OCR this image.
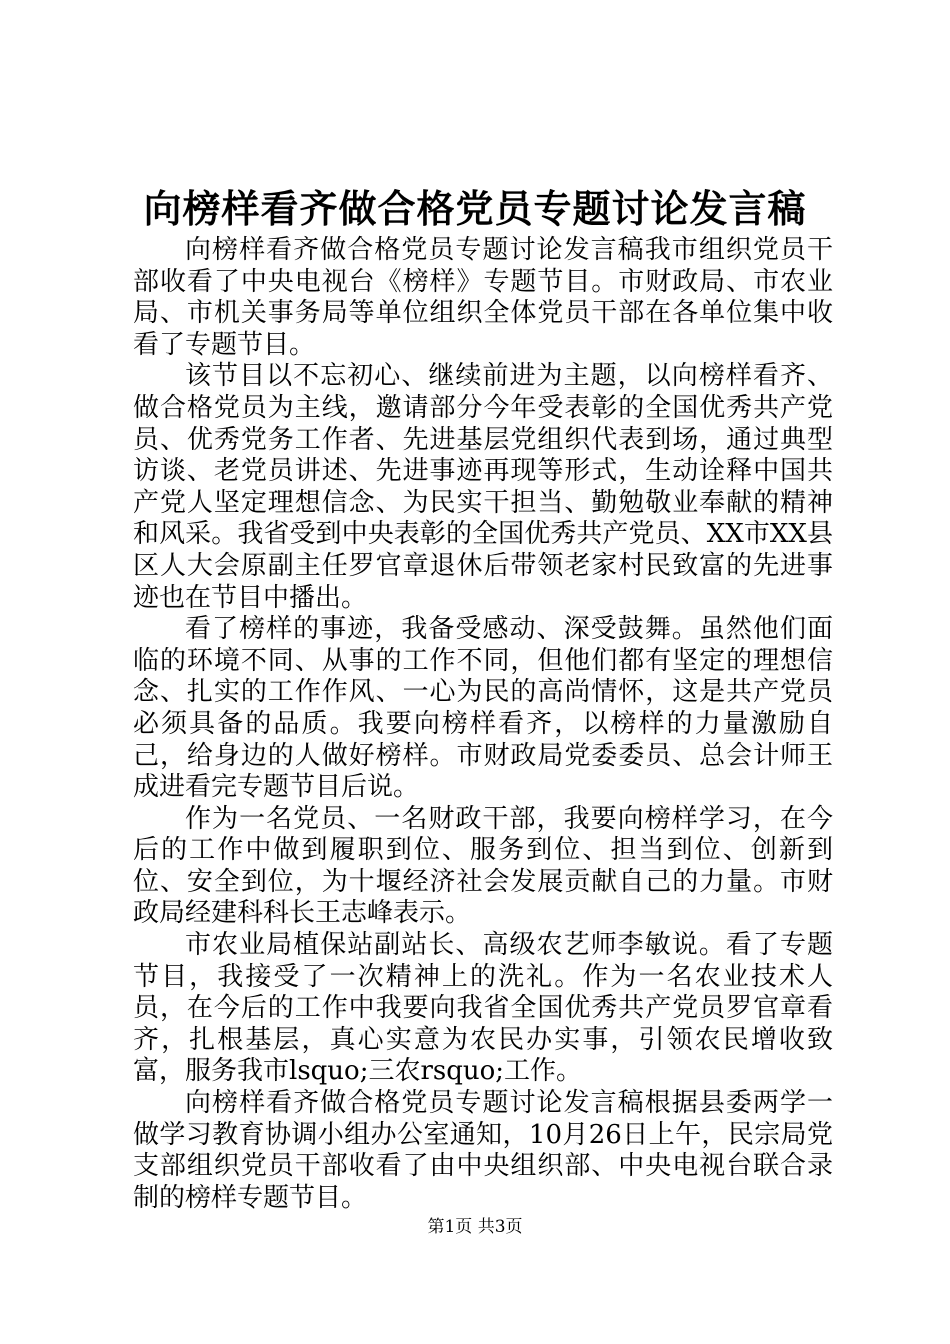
向榜样看齐做合格党员专题讨论发言稿

向榜样看齐做合格党员专题讨论发言稿我市组织党员干部收看了中央电视台《榜样》专题节目。市财政局、市农业局、市机关事务局等单位组织全体党员干部在各单位集中收看了专题节目。

该节目以不忘初心、继续前进为主题，以向榜样看齐、做合格党员为主线，邀请部分今年受表彰的全国优秀共产党员、优秀党务工作者、先进基层党组织代表到场，通过典型访谈、老党员讲述、先进事迹再现等形式，生动诠释中国共产党人坚定理想信念、为民实干担当、勤勉敬业奉献的精神和风采。我省受到中央表彰的全国优秀共产党员、XX市XX县区人大会原副主任罗官章退休后带领老家村民致富的先进事迹也在节目中播出。

看了榜样的事迹，我备受感动、深受鼓舞。虽然他们面临的环境不同、从事的工作不同，但他们都有坚定的理想信念、扎实的工作作风、一心为民的高尚情怀，这是共产党员必须具备的品质。我要向榜样看齐，以榜样的力量激励自己，给身边的人做好榜样。市财政局党委委员、总会计师王成进看完专题节目后说。

作为一名党员、一名财政干部，我要向榜样学习，在今后的工作中做到履职到位、服务到位、担当到位、创新到位、安全到位，为十堰经济社会发展贡献自己的力量。市财政局经建科科长王志峰表示。

市农业局植保站副站长、高级农艺师李敏说。看了专题节目，我接受了一次精神上的洗礼。作为一名农业技术人员，在今后的工作中我要向我省全国优秀共产党员罗官章看齐，扎根基层，真心实意为农民办实事，引领农民增收致富，服务我市lsquo;三农rsquo;工作。

向榜样看齐做合格党员专题讨论发言稿根据县委两学一做学习教育协调小组办公室通知，10月26日上午，民宗局党支部组织党员干部收看了由中央组织部、中央电视台联合录制的榜样专题节目。

第1页 共3页
